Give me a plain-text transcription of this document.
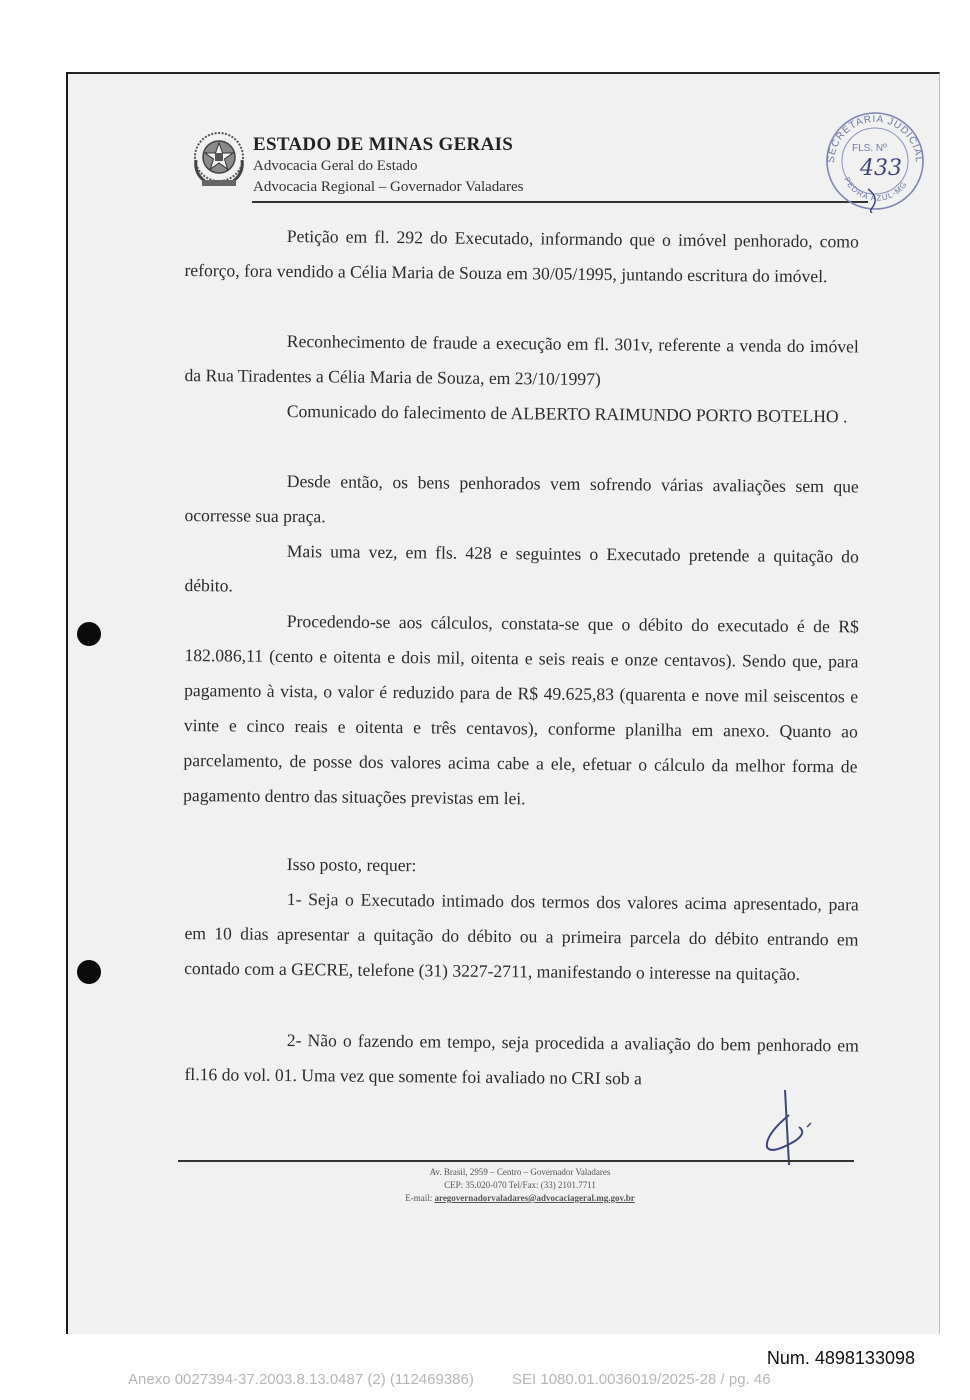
ESTADO DE MINAS GERAIS
Advocacia Geral do Estado
Advocacia Regional – Governador Valadares
SECRETARIA JUDICIAL
PEDRA AZUL-MG
FLS. Nº
433
Petição em fl. 292 do Executado, informando que o imóvel penhorado, como reforço, fora vendido a Célia Maria de Souza em 30/05/1995, juntando escritura do imóvel.
Reconhecimento de fraude a execução em fl. 301v, referente a venda do imóvel da Rua Tiradentes a Célia Maria de Souza, em 23/10/1997)
Comunicado do falecimento de ALBERTO RAIMUNDO PORTO BOTELHO .
Desde então, os bens penhorados vem sofrendo várias avaliações sem que ocorresse sua praça.
Mais uma vez, em fls. 428 e seguintes o Executado pretende a quitação do débito.
Procedendo-se aos cálculos, constata-se que o débito do executado é de R$ 182.086,11 (cento e oitenta e dois mil, oitenta e seis reais e onze centavos). Sendo que, para pagamento à vista, o valor é reduzido para de R$ 49.625,83 (quarenta e nove mil seiscentos e vinte e cinco reais e oitenta e três centavos), conforme planilha em anexo. Quanto ao parcelamento, de posse dos valores acima cabe a ele, efetuar o cálculo da melhor forma de pagamento dentro das situações previstas em lei.
Isso posto, requer:
1- Seja o Executado intimado dos termos dos valores acima apresentado, para em 10 dias apresentar a quitação do débito ou a primeira parcela do débito entrando em contado com a GECRE, telefone (31) 3227-2711, manifestando o interesse na quitação.
2- Não o fazendo em tempo, seja procedida a avaliação do bem penhorado em fl.16 do vol. 01. Uma vez que somente foi avaliado no CRI sob a
Av. Brasil, 2959 – Centro – Governador Valadares
CEP: 35.020-070 Tel/Fax: (33) 2101.7711
E-mail: aregovernadorvaladares@advocaciageral.mg.gov.br
Num. 4898133098
Anexo 0027394-37.2003.8.13.0487 (2) (112469386)	SEI 1080.01.0036019/2025-28 / pg. 46
